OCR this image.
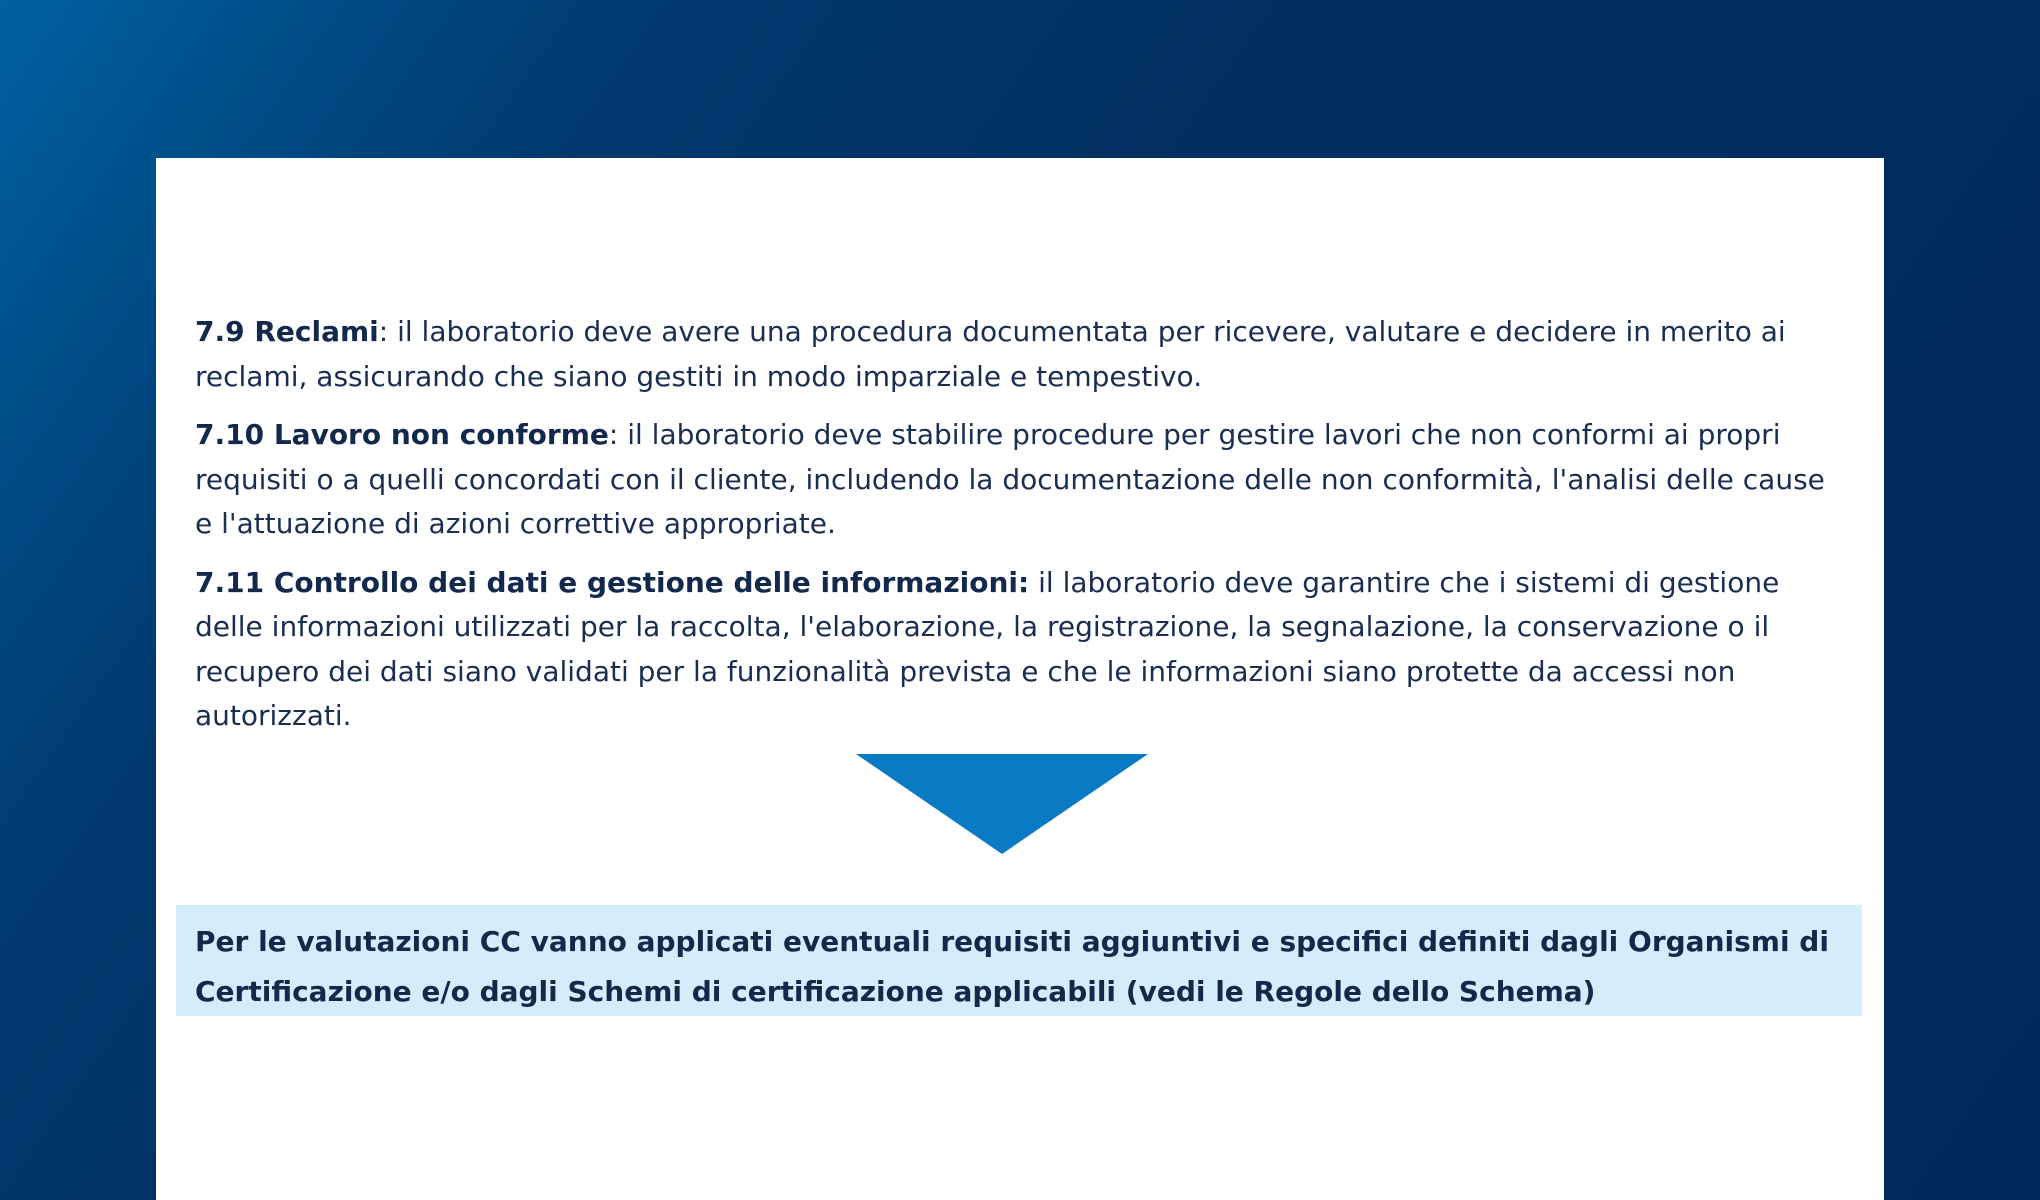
7.9 Reclami: il laboratorio deve avere una procedura documentata per ricevere, valutare e decidere in merito ai reclami, assicurando che siano gestiti in modo imparziale e tempestivo.

7.10 Lavoro non conforme: il laboratorio deve stabilire procedure per gestire lavori che non conformi ai propri requisiti o a quelli concordati con il cliente, includendo la documentazione delle non conformità, l'analisi delle cause e l'attuazione di azioni correttive appropriate.

7.11 Controllo dei dati e gestione delle informazioni: il laboratorio deve garantire che i sistemi di gestione delle informazioni utilizzati per la raccolta, l'elaborazione, la registrazione, la segnalazione, la conservazione o il recupero dei dati siano validati per la funzionalità prevista e che le informazioni siano protette da accessi non autorizzati.

Per le valutazioni CC vanno applicati eventuali requisiti aggiuntivi e specifici definiti dagli Organismi di Certificazione e/o dagli Schemi di certificazione applicabili (vedi le Regole dello Schema)
